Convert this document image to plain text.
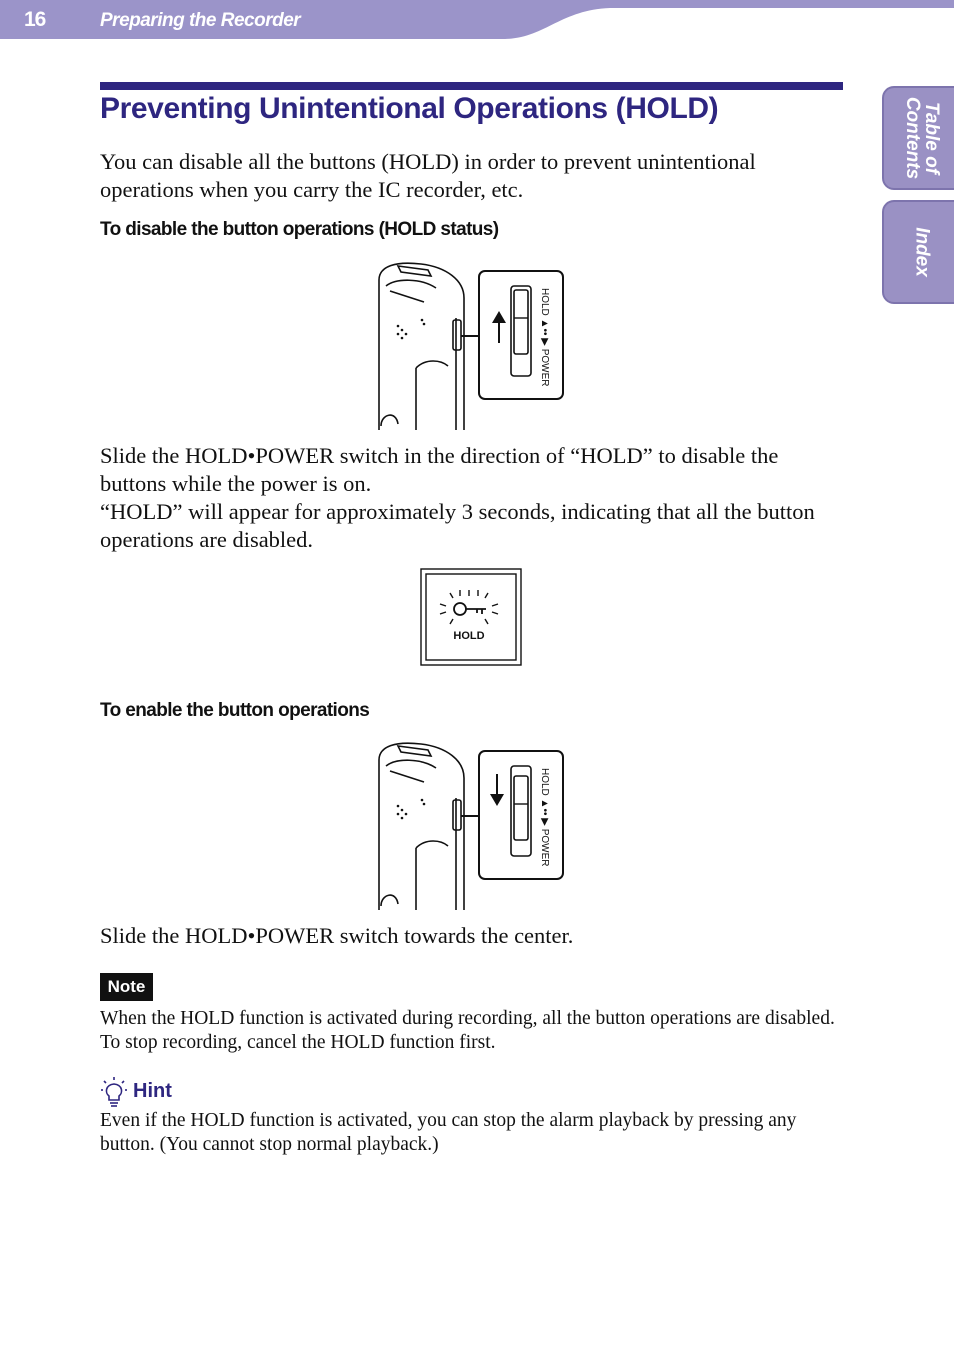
16	Preparing the Recorder
Table of
Contents
Index
Preventing Unintentional Operations (HOLD)

You can disable all the buttons (HOLD) in order to prevent unintentional operations when you carry the IC recorder, etc.

To disable the button operations (HOLD status)
HOLD ▲•• ▶ POWER

Slide the HOLD•POWER switch in the direction of “HOLD” to disable the buttons while the power is on.

“HOLD” will appear for approximately 3 seconds, indicating that all the button operations are disabled.

HOLD
To enable the button operations
HOLD ▲•• ▶ POWER

Slide the HOLD•POWER switch towards the center.

Note

When the HOLD function is activated during recording, all the button operations are disabled. To stop recording, cancel the HOLD function first.

Hint

Even if the HOLD function is activated, you can stop the alarm playback by pressing any button. (You cannot stop normal playback.)
